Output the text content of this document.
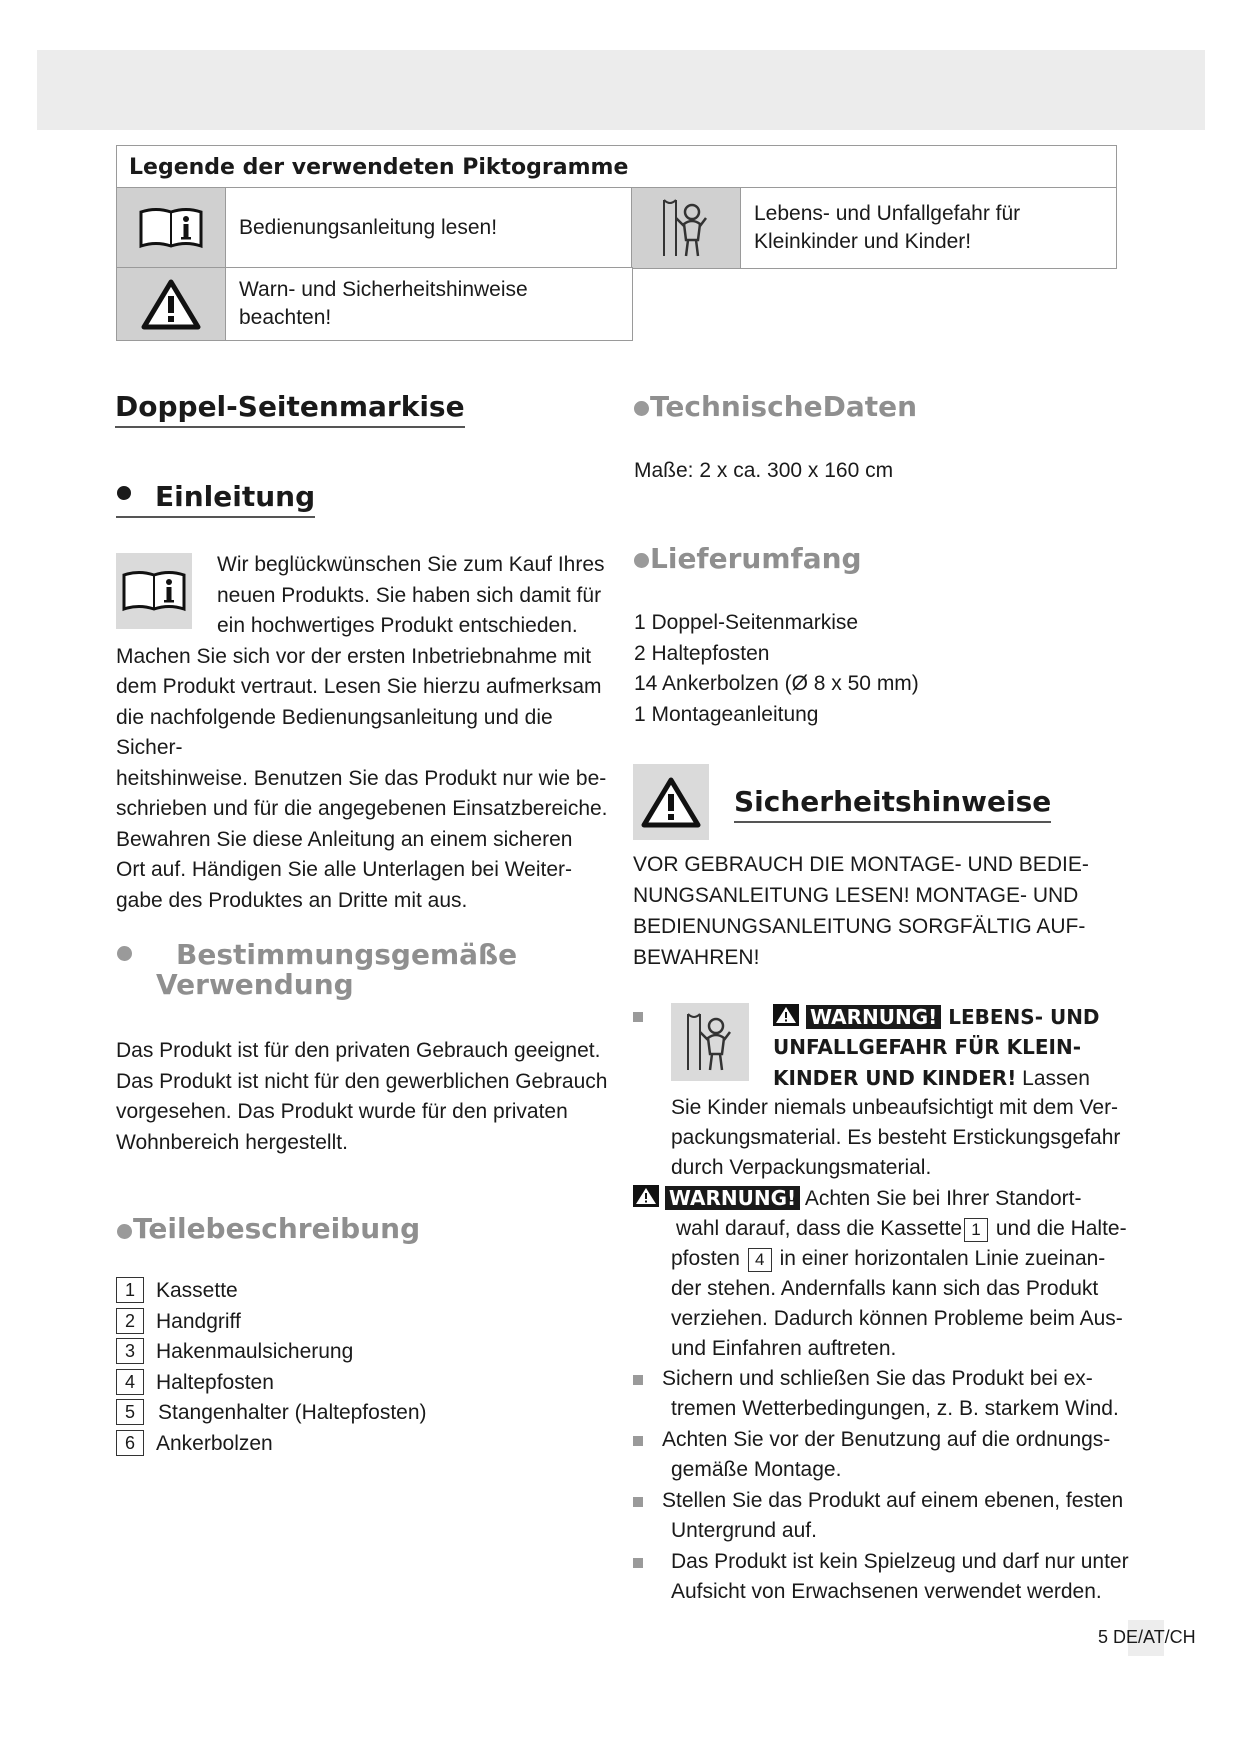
Legende der verwendeten Piktogramme
Bedienungsanleitung lesen!
Lebens- und Unfallgefahr für Kleinkinder und Kinder!
Warn- und Sicherheitshinweise beachten!
Doppel-Seitenmarkise
Einleitung
Wir beglückwünschen Sie zum Kauf Ihres
neuen Produkts. Sie haben sich damit für
ein hochwertiges Produkt entschieden.
Machen Sie sich vor der ersten Inbetriebnahme mit
dem Produkt vertraut. Lesen Sie hierzu aufmerksam
die nachfolgende Bedienungsanleitung und die Sicher-
heitshinweise. Benutzen Sie das Produkt nur wie be-
schrieben und für die angegebenen Einsatzbereiche.
Bewahren Sie diese Anleitung an einem sicheren
Ort auf. Händigen Sie alle Unterlagen bei Weiter-
gabe des Produktes an Dritte mit aus.
Bestimmungsgemäße
Verwendung
Das Produkt ist für den privaten Gebrauch geeignet.
Das Produkt ist nicht für den gewerblichen Gebrauch
vorgesehen. Das Produkt wurde für den privaten
Wohnbereich hergestellt.
Teilebeschreibung
1	Kassette
2	Handgriff
3	Hakenmaulsicherung
4	Haltepfosten
5	Stangenhalter (Haltepfosten)
6	Ankerbolzen
TechnischeDaten
Maße: 2 x ca. 300 x 160 cm
Lieferumfang
1 Doppel-Seitenmarkise
2 Haltepfosten
14 Ankerbolzen (Ø 8 x 50 mm)
1 Montageanleitung
Sicherheitshinweise
VOR GEBRAUCH DIE MONTAGE- UND BEDIE-
NUNGSANLEITUNG LESEN! MONTAGE- UND
BEDIENUNGSANLEITUNG SORGFÄLTIG AUF-
BEWAHREN!
WARNUNG! LEBENS- UND
UNFALLGEFAHR FÜR KLEIN-
KINDER UND KINDER! Lassen
Sie Kinder niemals unbeaufsichtigt mit dem Ver-
packungsmaterial. Es besteht Erstickungsgefahr
durch Verpackungsmaterial.
WARNUNG! Achten Sie bei Ihrer Standort-
wahl darauf, dass die Kassette 1 und die Halte-
pfosten 4 in einer horizontalen Linie zueinan-
der stehen. Andernfalls kann sich das Produkt
verziehen. Dadurch können Probleme beim Aus-
und Einfahren auftreten.
Sichern und schließen Sie das Produkt bei ex-
tremen Wetterbedingungen, z. B. starkem Wind.
Achten Sie vor der Benutzung auf die ordnungs-
gemäße Montage.
Stellen Sie das Produkt auf einem ebenen, festen
Untergrund auf.
Das Produkt ist kein Spielzeug und darf nur unter
Aufsicht von Erwachsenen verwendet werden.
5 DE/AT/CH
